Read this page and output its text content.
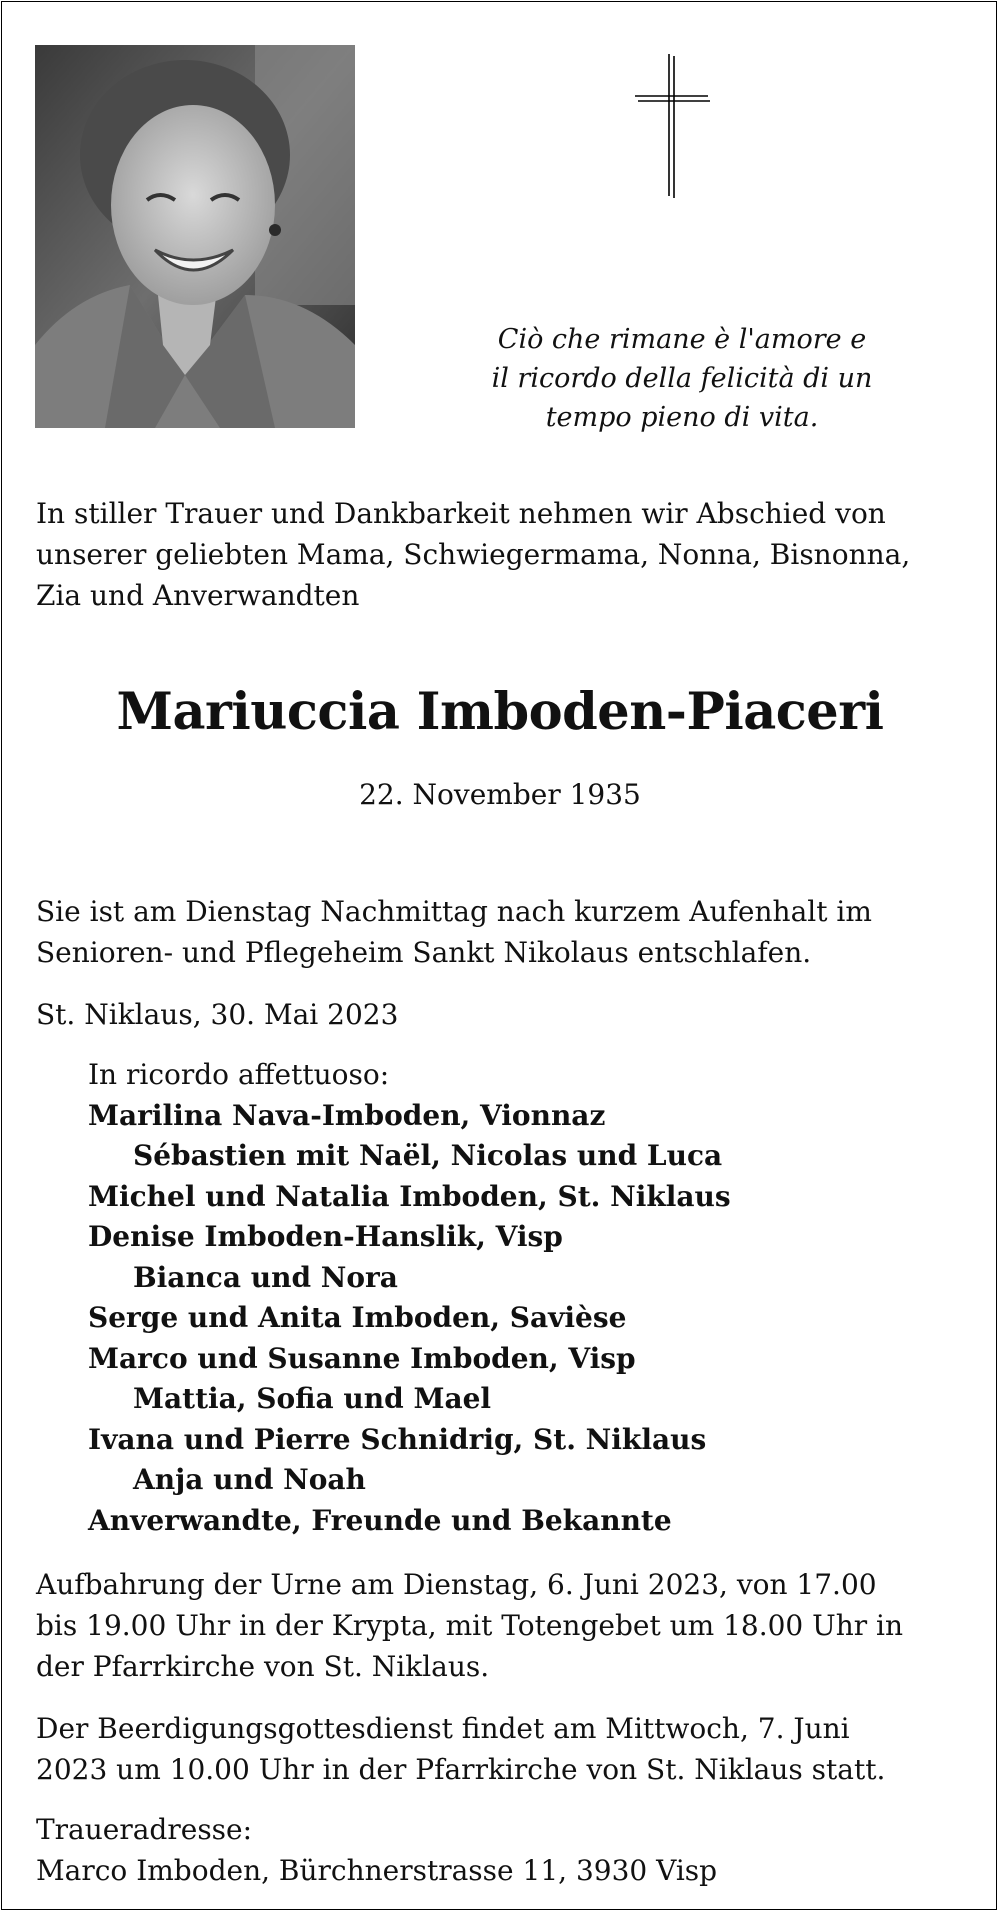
Ciò che rimane è l'amore e
il ricordo della felicità di un
tempo pieno di vita.
In stiller Trauer und Dankbarkeit nehmen wir Abschied von
unserer geliebten Mama, Schwiegermama, Nonna, Bisnonna,
Zia und Anverwandten
Mariuccia Imboden-Piaceri
22. November 1935
Sie ist am Dienstag Nachmittag nach kurzem Aufenhalt im
Senioren- und Pflegeheim Sankt Nikolaus entschlafen.
St. Niklaus, 30. Mai 2023
In ricordo affettuoso:
Marilina Nava-Imboden, Vionnaz
Sébastien mit Naël, Nicolas und Luca
Michel und Natalia Imboden, St. Niklaus
Denise Imboden-Hanslik, Visp
Bianca und Nora
Serge und Anita Imboden, Savièse
Marco und Susanne Imboden, Visp
Mattia, Sofia und Mael
Ivana und Pierre Schnidrig, St. Niklaus
Anja und Noah
Anverwandte, Freunde und Bekannte
Aufbahrung der Urne am Dienstag, 6. Juni 2023, von 17.00
bis 19.00 Uhr in der Krypta, mit Totengebet um 18.00 Uhr in
der Pfarrkirche von St. Niklaus.
Der Beerdigungsgottesdienst findet am Mittwoch, 7. Juni
2023 um 10.00 Uhr in der Pfarrkirche von St. Niklaus statt.
Traueradresse:
Marco Imboden, Bürchnerstrasse 11, 3930 Visp
